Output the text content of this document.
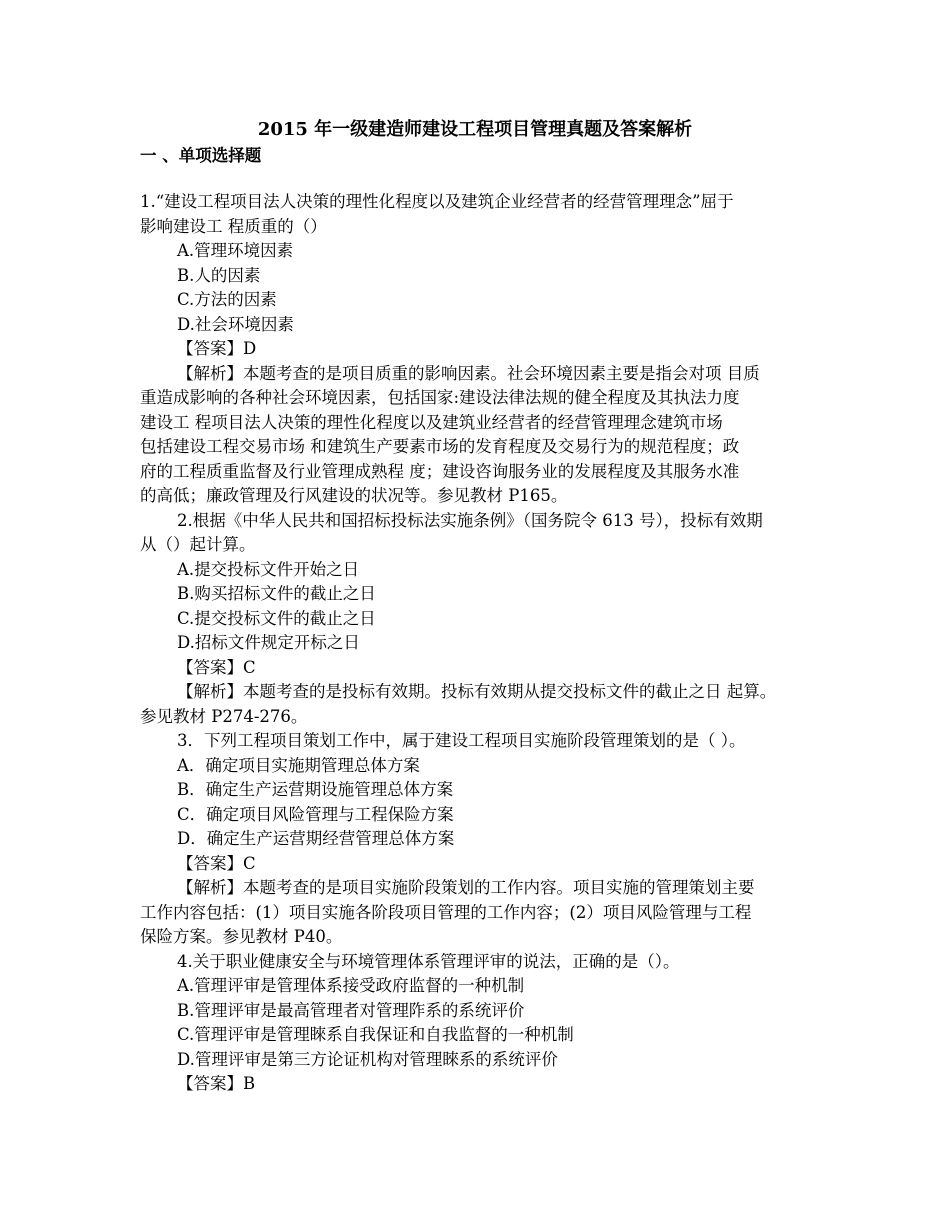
2015 年一级建造师建设工程项目管理真题及答案解析
一 、单项选择题
1.“建设工程项目法人决策的理性化程度以及建筑企业经营者的经营管理理念”屈于
影响建设工 程质重的（）
A.管理环境因素
B.人的因素
C.方法的因素
D.社会环境因素
【答案】D
【解析】本题考查的是项目质重的影响因素。社会环境因素主要是指会对项 目质
重造成影响的各种社会环境因素，包括国家:建设法律法规的健全程度及其执法力度
建设工 程项目法人决策的理性化程度以及建筑业经营者的经营管理理念建筑市场
包括建设工程交易市场 和建筑生产要素市场的发育程度及交易行为的规范程度；政
府的工程质重监督及行业管理成熟程 度；建设咨询服务业的发展程度及其服务水准
的高低；廉政管理及行风建设的状况等。参见教材 P165。
2.根据《中华人民共和国招标投标法实施条例》（国务院令 613 号），投标有效期
从（）起计算。
A.提交投标文件开始之日
B.购买招标文件的截止之日
C.提交投标文件的截止之日
D.招标文件规定开标之日
【答案】C
【解析】本题考查的是投标有效期。投标有效期从提交投标文件的截止之日 起算。
参见教材 P274-276。
3．下列工程项目策划工作中，属于建设工程项目实施阶段管理策划的是（ ）。
A．确定项目实施期管理总体方案
B．确定生产运营期设施管理总体方案
C．确定项目风险管理与工程保险方案
D．确定生产运营期经营管理总体方案
【答案】C
【解析】本题考查的是项目实施阶段策划的工作内容。项目实施的管理策划主要
工作内容包括：(1）项目实施各阶段项目管理的工作内容；(2）项目风险管理与工程
保险方案。参见教材 P40。
4.关于职业健康安全与环境管理体系管理评审的说法，正确的是（）。
A.管理评审是管理体系接受政府监督的一种机制
B.管理评审是最高管理者对管理阼系的系统评价
C.管理评审是管理睞系自我保证和自我监督的一种机制
D.管理评审是第三方论证机构对管理睞系的系统评价
【答案】B
